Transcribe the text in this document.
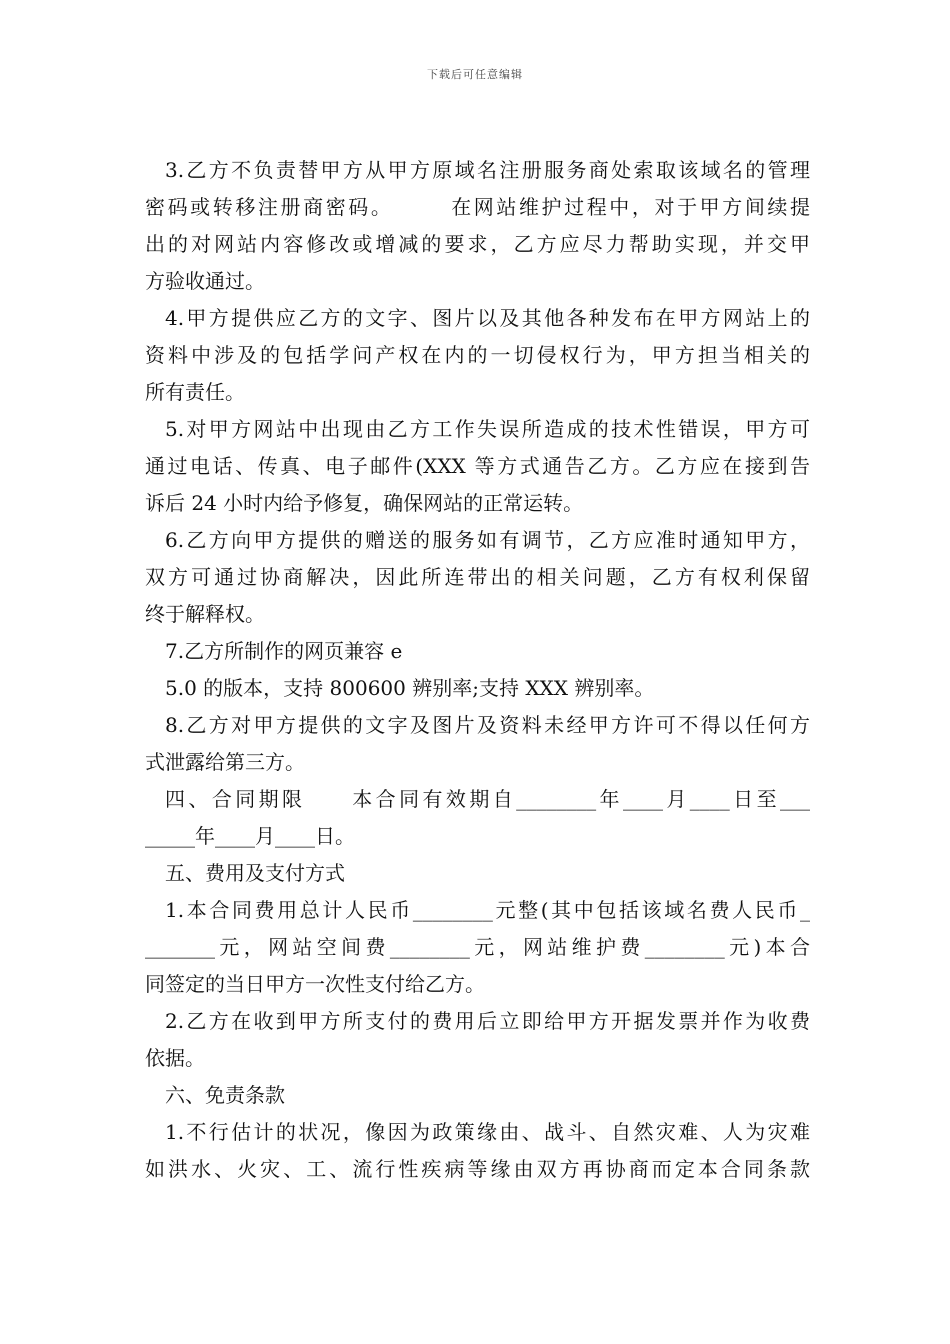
下载后可任意编辑
3.乙方不负责替甲方从甲方原域名注册服务商处索取该域名的管理
密码或转移注册商密码。　　　在网站维护过程中，对于甲方间续提
出的对网站内容修改或增减的要求，乙方应尽力帮助实现，并交甲
方验收通过。
4.甲方提供应乙方的文字、图片以及其他各种发布在甲方网站上的
资料中涉及的包括学问产权在内的一切侵权行为，甲方担当相关的
所有责任。
5.对甲方网站中出现由乙方工作失误所造成的技术性错误，甲方可
通过电话、传真、电子邮件(XXX 等方式通告乙方。乙方应在接到告
诉后 24 小时内给予修复，确保网站的正常运转。
6.乙方向甲方提供的赠送的服务如有调节，乙方应准时通知甲方，
双方可通过协商解决，因此所连带出的相关问题，乙方有权利保留
终于解释权。
7.乙方所制作的网页兼容 e
5.0 的版本，支持 800600 辨别率;支持 XXX 辨别率。
8.乙方对甲方提供的文字及图片及资料未经甲方许可不得以任何方
式泄露给第三方。
四、合同期限　　本合同有效期自________年____月____日至___
_____年____月____日。
五、费用及支付方式
1.本合同费用总计人民币________元整(其中包括该域名费人民币_
_______元，网站空间费________元，网站维护费________元)本合
同签定的当日甲方一次性支付给乙方。
2.乙方在收到甲方所支付的费用后立即给甲方开据发票并作为收费
依据。
六、免责条款
1.不行估计的状况，像因为政策缘由、战斗、自然灾难、人为灾难
如洪水、火灾、工、流行性疾病等缘由双方再协商而定本合同条款
